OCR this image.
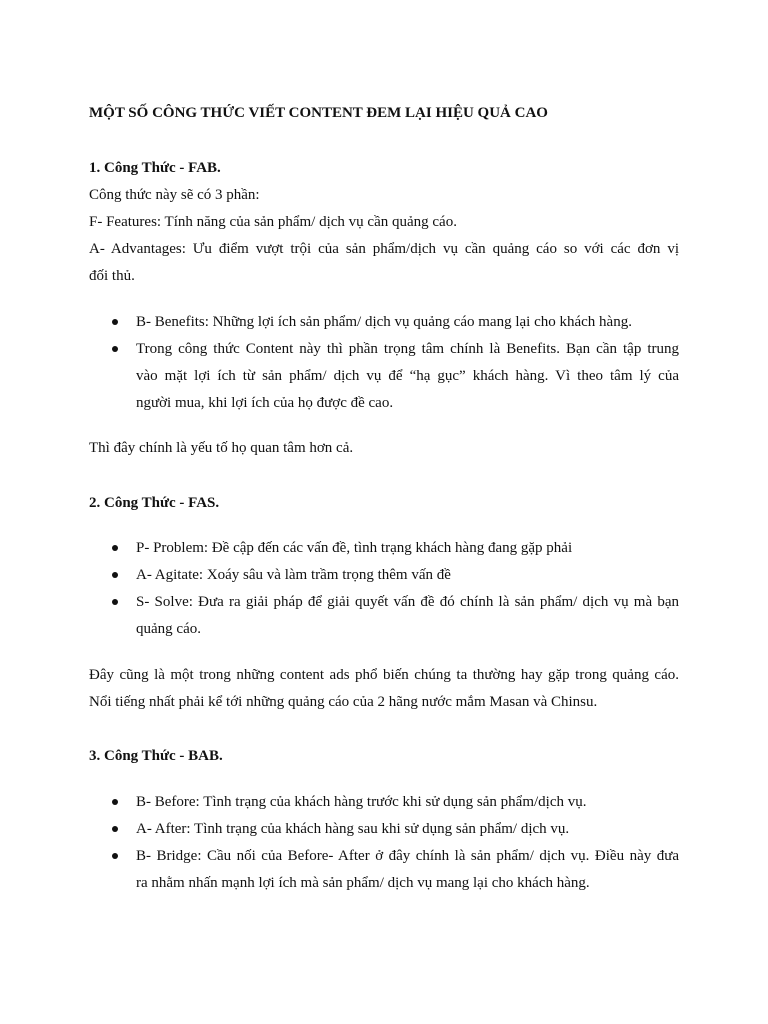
MỘT SỐ CÔNG THỨC VIẾT CONTENT ĐEM LẠI HIỆU QUẢ CAO
1. Công Thức - FAB.
Công thức này sẽ có 3 phần:
F- Features: Tính năng của sản phẩm/ dịch vụ cần quảng cáo.
A- Advantages: Ưu điểm vượt trội của sản phẩm/dịch vụ cần quảng cáo so với các đơn vị
đối thủ.
B- Benefits: Những lợi ích sản phẩm/ dịch vụ quảng cáo mang lại cho khách hàng.
Trong công thức Content này thì phần trọng tâm chính là Benefits. Bạn cần tập trung
vào mặt lợi ích từ sản phẩm/ dịch vụ để “hạ gục” khách hàng. Vì theo tâm lý của
người mua, khi lợi ích của họ được đề cao.
Thì đây chính là yếu tố họ quan tâm hơn cả.
2. Công Thức - FAS.
P- Problem: Đề cập đến các vấn đề, tình trạng khách hàng đang gặp phải
A- Agitate: Xoáy sâu và làm trầm trọng thêm vấn đề
S- Solve: Đưa ra giải pháp để giải quyết vấn đề đó chính là sản phẩm/ dịch vụ mà bạn
quảng cáo.
Đây cũng là một trong những content ads phổ biến chúng ta thường hay gặp trong quảng cáo.
Nổi tiếng nhất phải kể tới những quảng cáo của 2 hãng nước mắm Masan và Chinsu.
3. Công Thức - BAB.
B- Before: Tình trạng của khách hàng trước khi sử dụng sản phẩm/dịch vụ.
A- After: Tình trạng của khách hàng sau khi sử dụng sản phẩm/ dịch vụ.
B- Bridge: Cầu nối của Before- After ở đây chính là sản phẩm/ dịch vụ. Điều này đưa
ra nhằm nhấn mạnh lợi ích mà sản phẩm/ dịch vụ mang lại cho khách hàng.
